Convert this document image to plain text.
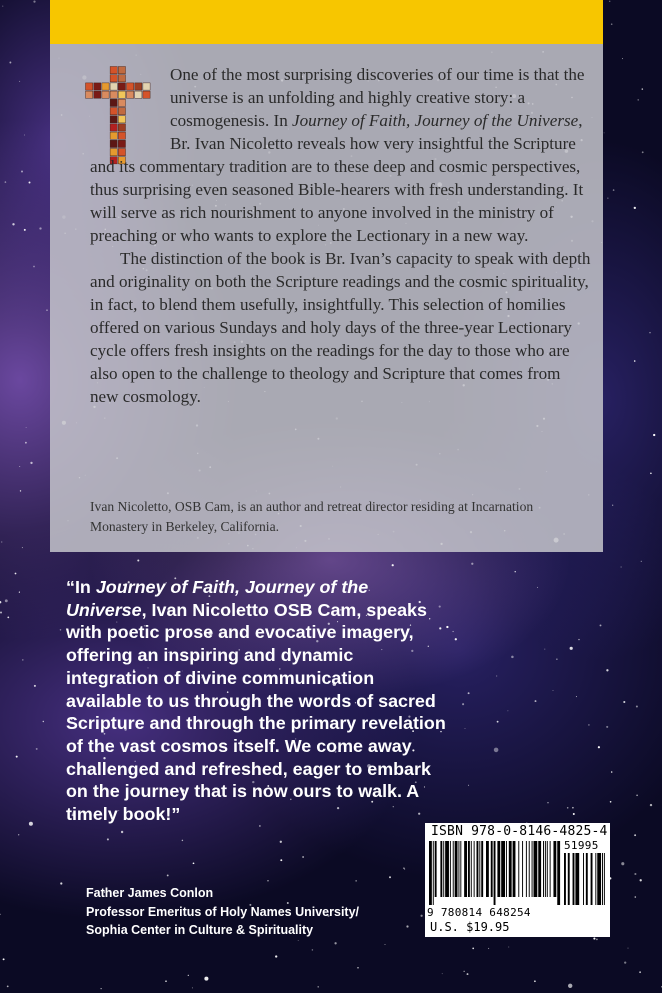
One of the most surprising discoveries of our time is that the universe is an unfolding and highly creative story: a cosmogenesis. In Journey of Faith, Journey of the Universe, Br. Ivan Nicoletto reveals how very insightful the Scripture and its commentary tradition are to these deep and cosmic perspectives, thus surprising even seasoned Bible-hearers with fresh understanding. It will serve as rich nourishment to anyone involved in the ministry of preaching or who wants to explore the Lectionary in a new way.

The distinction of the book is Br. Ivan’s capacity to speak with depth and originality on both the Scripture readings and the cosmic spirituality, in fact, to blend them usefully, insightfully. This selection of homilies offered on various Sundays and holy days of the three-year Lectionary cycle offers fresh insights on the readings for the day to those who are also open to the challenge to theology and Scripture that comes from new cosmology.

Ivan Nicoletto, OSB Cam, is an author and retreat director residing at Incarnation Monastery in Berkeley, California.
“In Journey of Faith, Journey of the Universe, Ivan Nicoletto OSB Cam, speaks with poetic prose and evocative imagery, offering an inspiring and dynamic integration of divine communication available to us through the words of sacred Scripture and through the primary revelation of the vast cosmos itself. We come away challenged and refreshed, eager to embark on the journey that is now ours to walk. A timely book!”
Father James Conlon
Professor Emeritus of Holy Names University/
Sophia Center in Culture & Spirituality
ISBN 978-0-8146-4825-4
51995
9 780814 648254
U.S. $19.95
